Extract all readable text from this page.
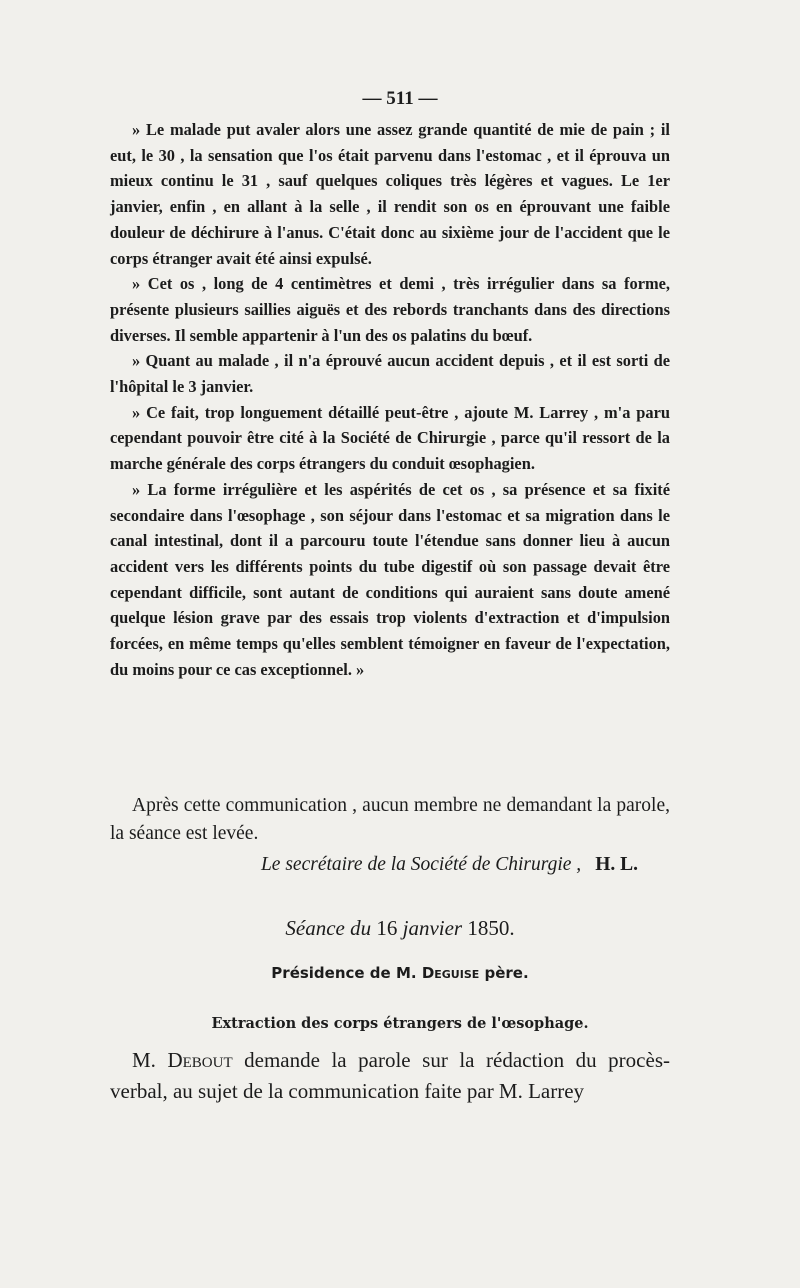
— 511 —

» Le malade put avaler alors une assez grande quantité de mie de pain ; il eut, le 30 , la sensation que l'os était parvenu dans l'estomac , et il éprouva un mieux continu le 31 , sauf quelques coliques très légères et vagues. Le 1er janvier, enfin , en allant à la selle , il rendit son os en éprouvant une faible douleur de déchirure à l'anus. C'était donc au sixième jour de l'accident que le corps étranger avait été ainsi expulsé.

» Cet os , long de 4 centimètres et demi , très irrégulier dans sa forme, présente plusieurs saillies aiguës et des rebords tranchants dans des directions diverses. Il semble appartenir à l'un des os palatins du bœuf.

» Quant au malade , il n'a éprouvé aucun accident depuis , et il est sorti de l'hôpital le 3 janvier.

» Ce fait, trop longuement détaillé peut-être , ajoute M. Larrey , m'a paru cependant pouvoir être cité à la Société de Chirurgie , parce qu'il ressort de la marche générale des corps étrangers du conduit œsophagien.

» La forme irrégulière et les aspérités de cet os , sa présence et sa fixité secondaire dans l'œsophage , son séjour dans l'estomac et sa migration dans le canal intestinal, dont il a parcouru toute l'étendue sans donner lieu à aucun accident vers les différents points du tube digestif où son passage devait être cependant difficile, sont autant de conditions qui auraient sans doute amené quelque lésion grave par des essais trop violents d'extraction et d'impulsion forcées, en même temps qu'elles semblent témoigner en faveur de l'expectation, du moins pour ce cas exceptionnel. »

Après cette communication , aucun membre ne demandant la parole, la séance est levée.

Le secrétaire de la Société de Chirurgie , H. L.
Séance du 16 janvier 1850.
Présidence de M. Deguise père.
Extraction des corps étrangers de l'œsophage.

M. Debout demande la parole sur la rédaction du procès-verbal, au sujet de la communication faite par M. Larrey
